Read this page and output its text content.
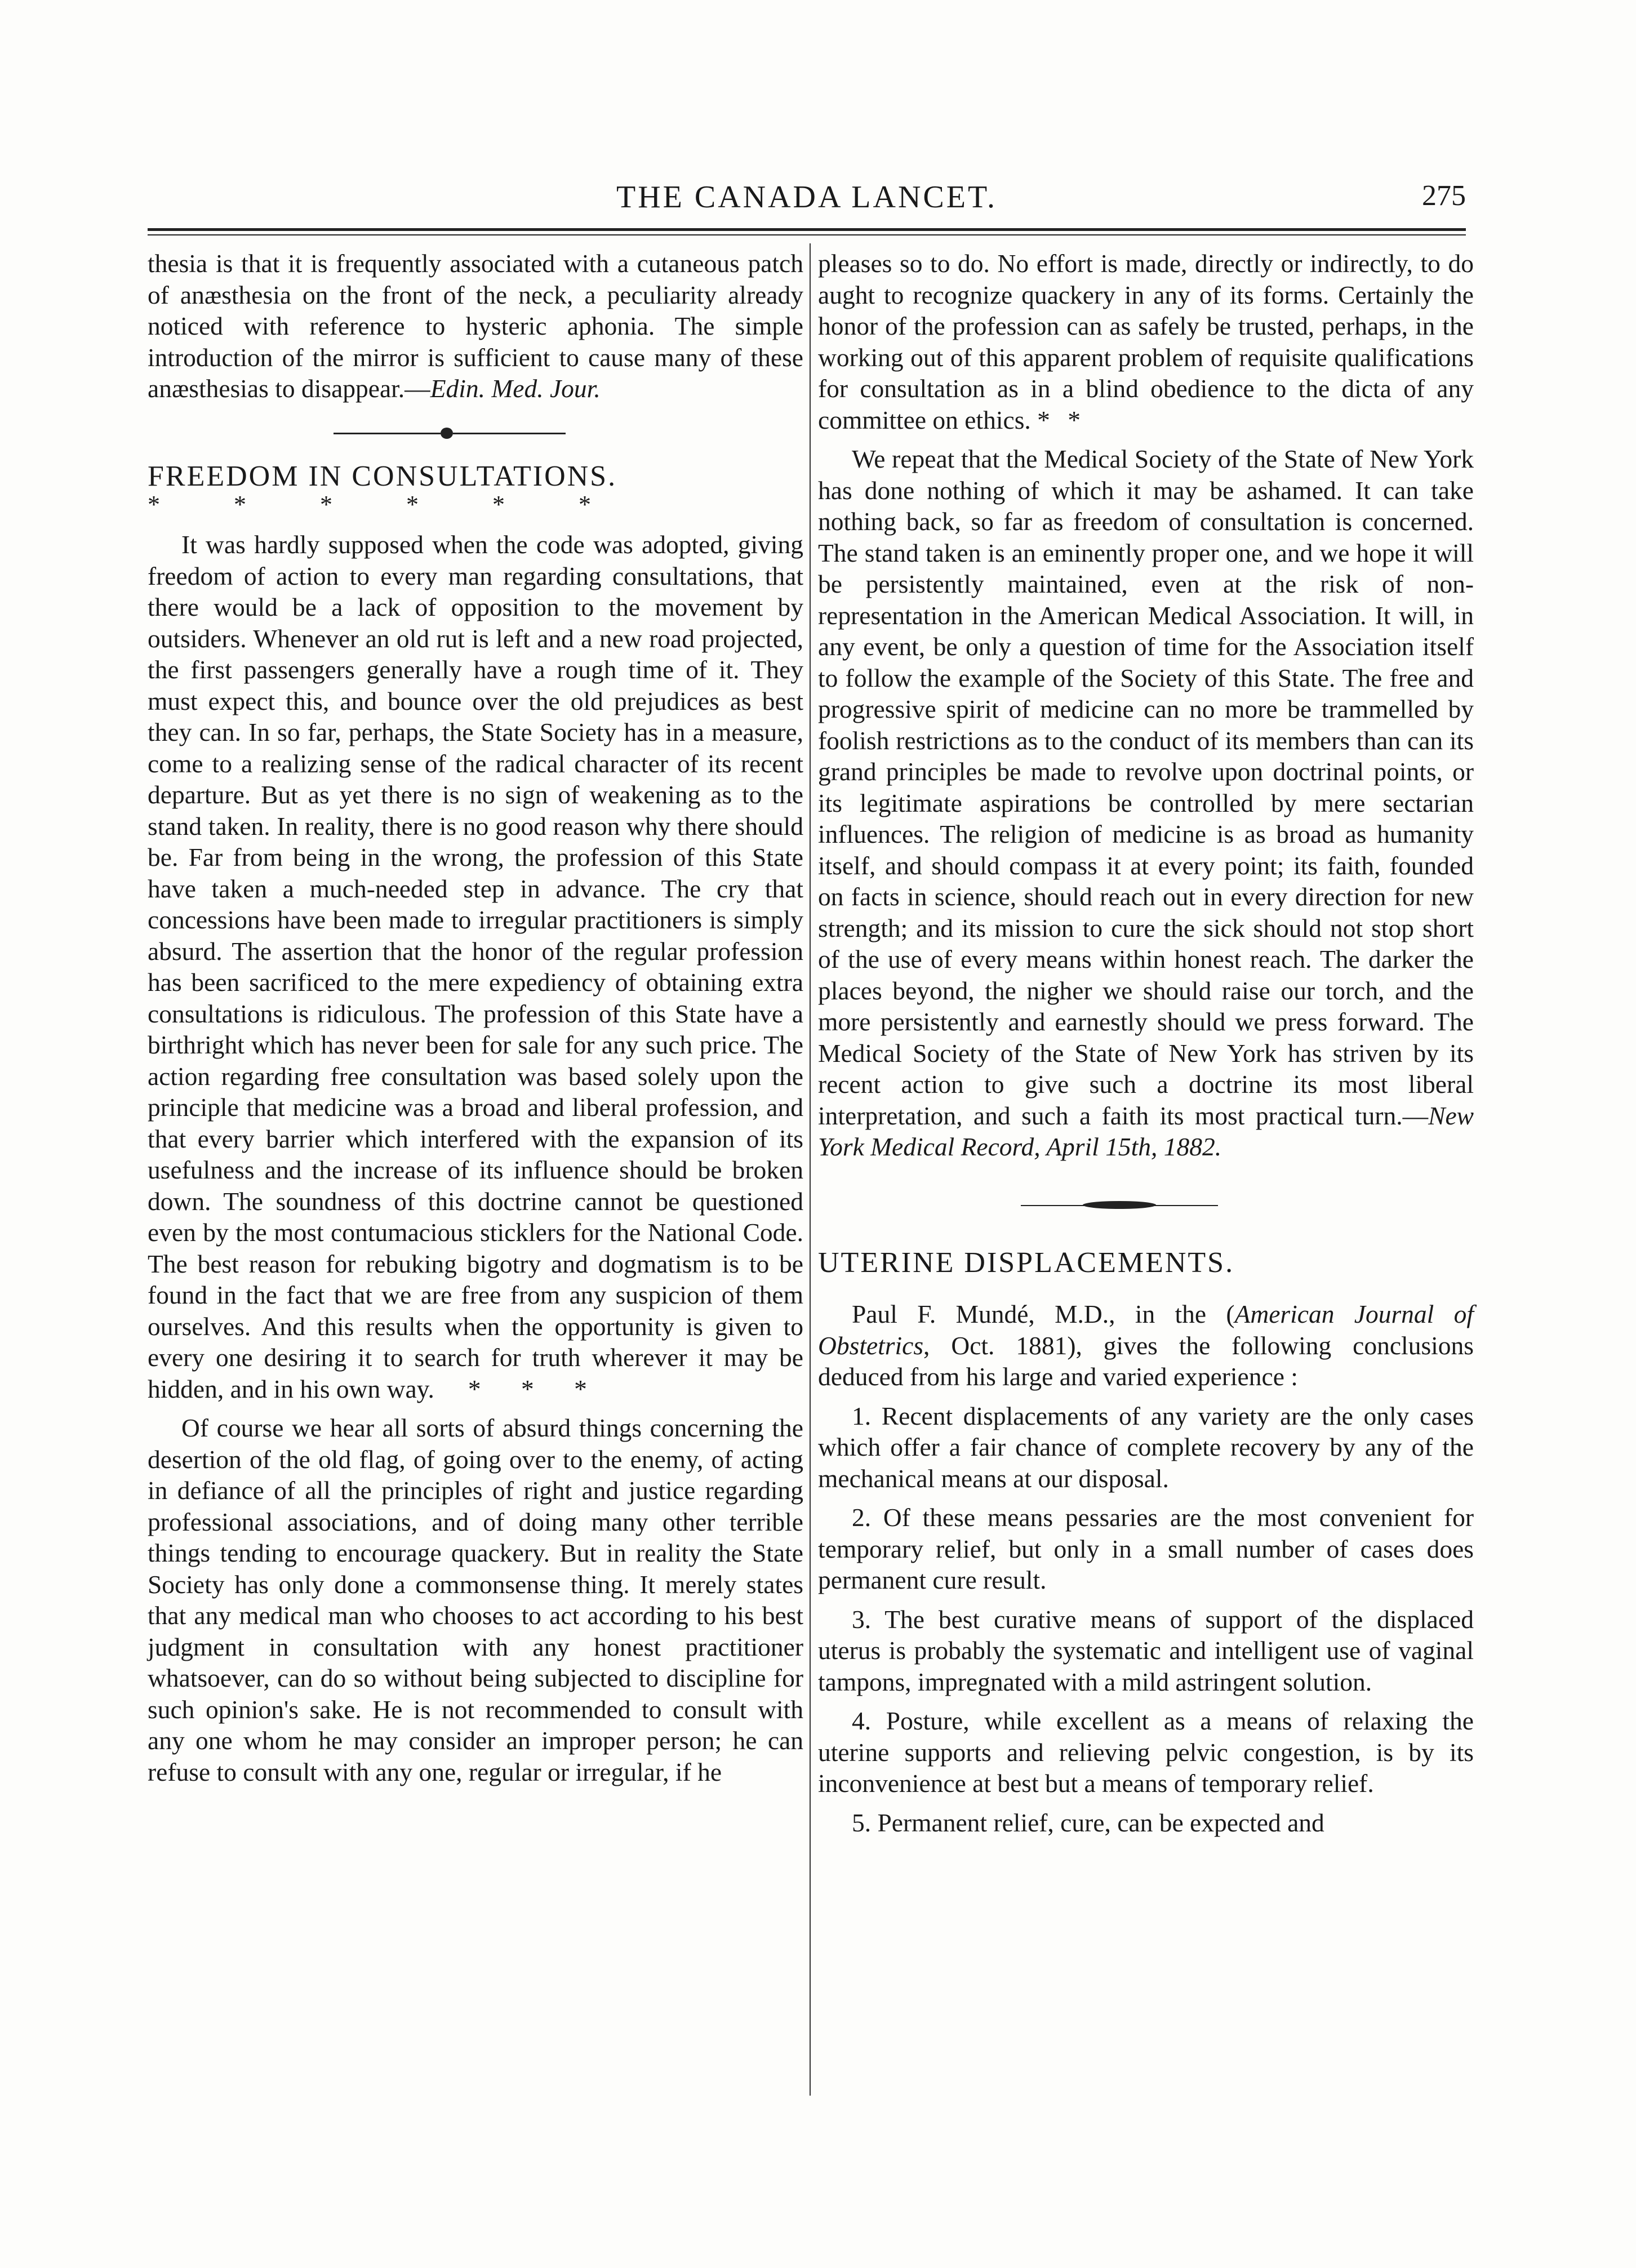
THE CANADA LANCET.	275

thesia is that it is frequently associated with a cutaneous patch of anæsthesia on the front of the neck, a peculiarity already noticed with reference to hysteric aphonia. The simple introduction of the mirror is sufficient to cause many of these anæsthesias to disappear.—Edin. Med. Jour.

FREEDOM IN CONSULTATIONS.

* * * * * *

It was hardly supposed when the code was adopted, giving freedom of action to every man regarding consultations, that there would be a lack of opposition to the movement by outsiders. Whenever an old rut is left and a new road projected, the first passengers generally have a rough time of it. They must expect this, and bounce over the old prejudices as best they can. In so far, perhaps, the State Society has in a measure, come to a realizing sense of the radical character of its recent departure. But as yet there is no sign of weakening as to the stand taken. In reality, there is no good reason why there should be. Far from being in the wrong, the profession of this State have taken a much-needed step in advance. The cry that concessions have been made to irregular practitioners is simply absurd. The assertion that the honor of the regular profession has been sacrificed to the mere expediency of obtaining extra consultations is ridiculous. The profession of this State have a birthright which has never been for sale for any such price. The action regarding free consultation was based solely upon the principle that medicine was a broad and liberal profession, and that every barrier which interfered with the expansion of its usefulness and the increase of its influence should be broken down. The soundness of this doctrine cannot be questioned even by the most contumacious sticklers for the National Code. The best reason for rebuking bigotry and dogmatism is to be found in the fact that we are free from any suspicion of them ourselves. And this results when the opportunity is given to every one desiring it to search for truth wherever it may be hidden, and in his own way. * * *

Of course we hear all sorts of absurd things concerning the desertion of the old flag, of going over to the enemy, of acting in defiance of all the principles of right and justice regarding professional associations, and of doing many other terrible things tending to encourage quackery. But in reality the State Society has only done a commonsense thing. It merely states that any medical man who chooses to act according to his best judgment in consultation with any honest practitioner whatsoever, can do so without being subjected to discipline for such opinion's sake. He is not recommended to consult with any one whom he may consider an improper person; he can refuse to consult with any one, regular or irregular, if he

pleases so to do. No effort is made, directly or indirectly, to do aught to recognize quackery in any of its forms. Certainly the honor of the profession can as safely be trusted, perhaps, in the working out of this apparent problem of requisite qualifications for consultation as in a blind obedience to the dicta of any committee on ethics. * *

We repeat that the Medical Society of the State of New York has done nothing of which it may be ashamed. It can take nothing back, so far as freedom of consultation is concerned. The stand taken is an eminently proper one, and we hope it will be persistently maintained, even at the risk of non-representation in the American Medical Association. It will, in any event, be only a question of time for the Association itself to follow the example of the Society of this State. The free and progressive spirit of medicine can no more be trammelled by foolish restrictions as to the conduct of its members than can its grand principles be made to revolve upon doctrinal points, or its legitimate aspirations be controlled by mere sectarian influences. The religion of medicine is as broad as humanity itself, and should compass it at every point; its faith, founded on facts in science, should reach out in every direction for new strength; and its mission to cure the sick should not stop short of the use of every means within honest reach. The darker the places beyond, the nigher we should raise our torch, and the more persistently and earnestly should we press forward. The Medical Society of the State of New York has striven by its recent action to give such a doctrine its most liberal interpretation, and such a faith its most practical turn.—New York Medical Record, April 15th, 1882.

UTERINE DISPLACEMENTS.

Paul F. Mundé, M.D., in the (American Journal of Obstetrics, Oct. 1881), gives the following conclusions deduced from his large and varied experience :

1. Recent displacements of any variety are the only cases which offer a fair chance of complete recovery by any of the mechanical means at our disposal.

2. Of these means pessaries are the most convenient for temporary relief, but only in a small number of cases does permanent cure result.

3. The best curative means of support of the displaced uterus is probably the systematic and intelligent use of vaginal tampons, impregnated with a mild astringent solution.

4. Posture, while excellent as a means of relaxing the uterine supports and relieving pelvic congestion, is by its inconvenience at best but a means of temporary relief.

5. Permanent relief, cure, can be expected and
